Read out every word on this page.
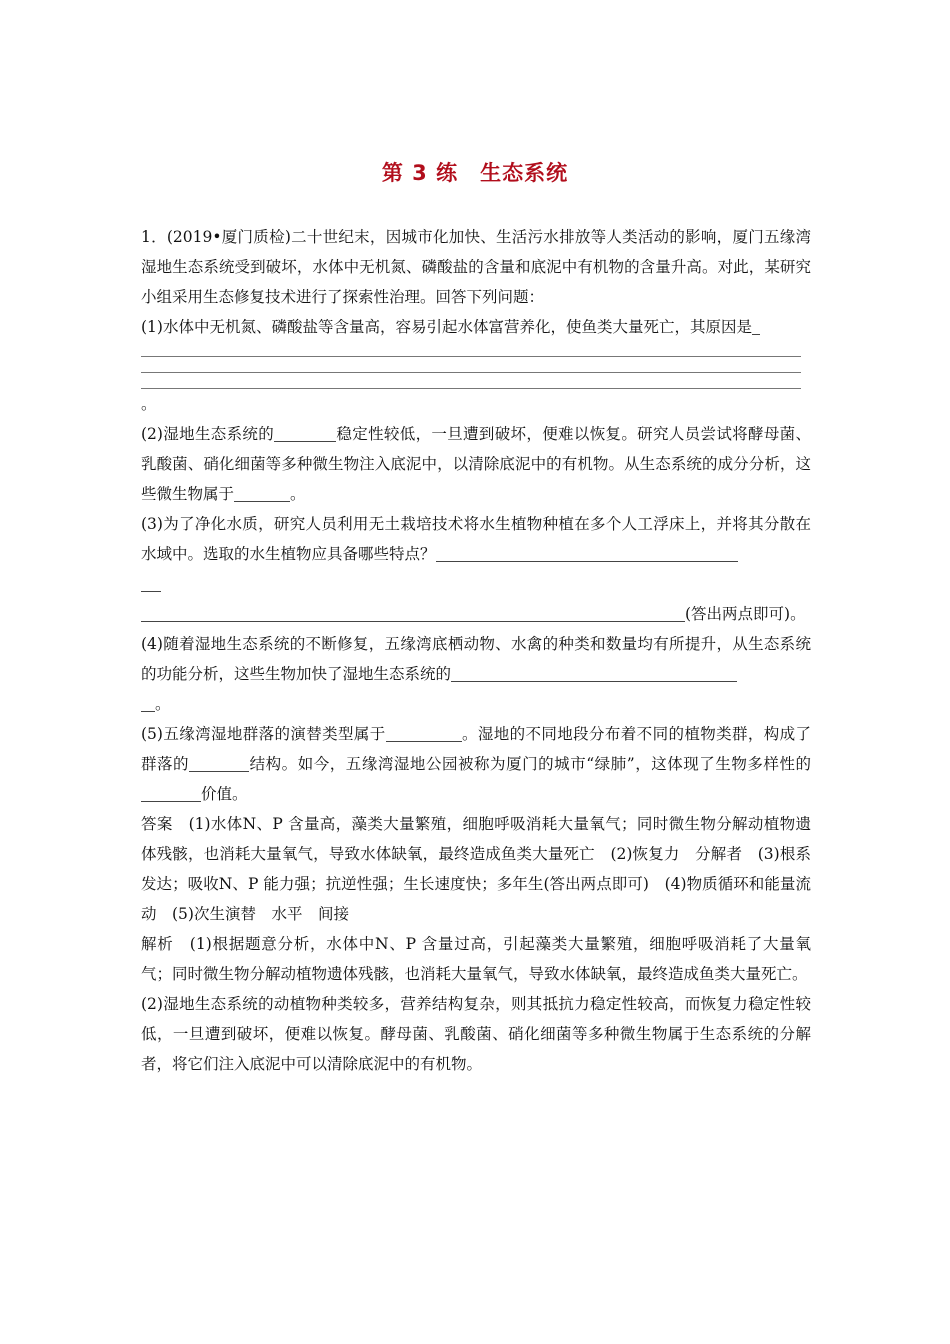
第 3 练　生态系统

1．(2019•厦门质检)二十世纪末，因城市化加快、生活污水排放等人类活动的影响，厦门五缘湾湿地生态系统受到破坏，水体中无机氮、磷酸盐的含量和底泥中有机物的含量升高。对此，某研究小组采用生态修复技术进行了探索性治理。回答下列问题：

(1)水体中无机氮、磷酸盐等含量高，容易引起水体富营养化，使鱼类大量死亡，其原因是

。

(2)湿地生态系统的	稳定性较低，一旦遭到破坏，便难以恢复。研究人员尝试将酵母菌、乳酸菌、硝化细菌等多种微生物注入底泥中，以清除底泥中的有机物。从生态系统的成分分析，这些微生物属于	。

(3)为了净化水质，研究人员利用无土栽培技术将水生植物种植在多个人工浮床上，并将其分散在水域中。选取的水生植物应具备哪些特点？

(答出两点即可)。

(4)随着湿地生态系统的不断修复，五缘湾底栖动物、水禽的种类和数量均有所提升，从生态系统的功能分析，这些生物加快了湿地生态系统的
。

(5)五缘湾湿地群落的演替类型属于	。湿地的不同地段分布着不同的植物类群，构成了群落的	结构。如今，五缘湾湿地公园被称为厦门的城市“绿肺”，这体现了生物多样性的价值。

答案　 (1)水体N、P 含量高，藻类大量繁殖，细胞呼吸消耗大量氧气；同时微生物分解动植物遗体残骸，也消耗大量氧气，导致水体缺氧，最终造成鱼类大量死亡　(2)恢复力　分解者　(3)根系发达；吸收N、P 能力强；抗逆性强；生长速度快；多年生(答出两点即可)　(4)物质循环和能量流动　(5)次生演替　水平　间接

解析　 (1)根据题意分析，水体中N、P 含量过高，引起藻类大量繁殖，细胞呼吸消耗了大量氧气；同时微生物分解动植物遗体残骸，也消耗大量氧气，导致水体缺氧，最终造成鱼类大量死亡。

(2)湿地生态系统的动植物种类较多，营养结构复杂，则其抵抗力稳定性较高，而恢复力稳定性较低，一旦遭到破坏，便难以恢复。酵母菌、乳酸菌、硝化细菌等多种微生物属于生态系统的分解者，将它们注入底泥中可以清除底泥中的有机物。
